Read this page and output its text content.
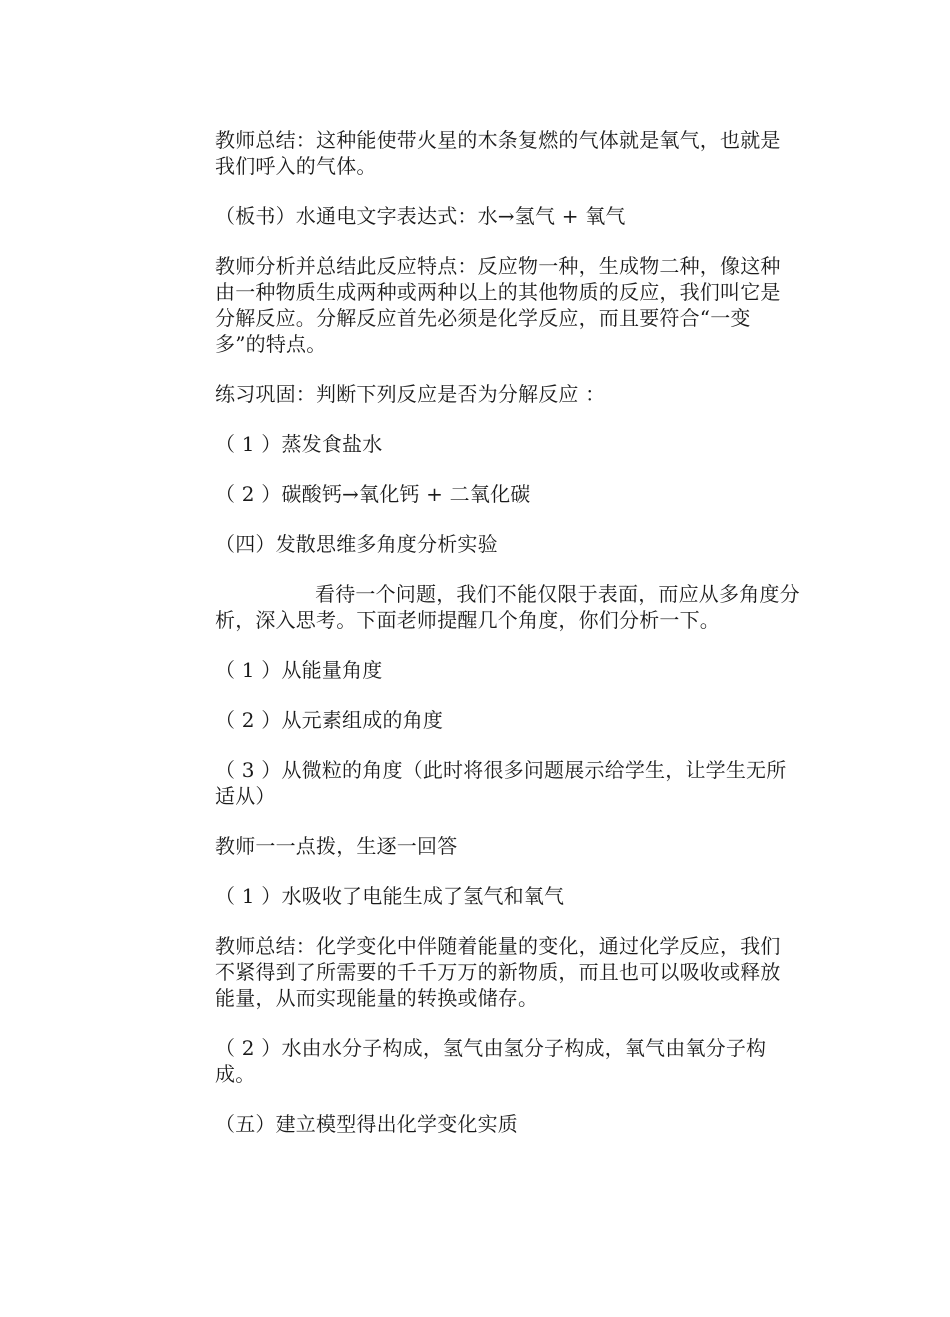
教师总结：这种能使带火星的木条复燃的气体就是氧气，也就是我们呼入的气体。

（板书）水通电文字表达式：水→氢气 + 氧气

教师分析并总结此反应特点：反应物一种，生成物二种，像这种由一种物质生成两种或两种以上的其他物质的反应，我们叫它是分解反应。分解反应首先必须是化学反应，而且要符合“一变多”的特点。

练习巩固：判断下列反应是否为分解反应 ：

（ 1 ）蒸发食盐水

（ 2 ）碳酸钙→氧化钙 + 二氧化碳

（四）发散思维多角度分析实验

看待一个问题，我们不能仅限于表面，而应从多角度分析，深入思考。下面老师提醒几个角度，你们分析一下。

（ 1 ）从能量角度

（ 2 ）从元素组成的角度

（ 3 ）从微粒的角度（此时将很多问题展示给学生，让学生无所适从）

教师一一点拨，生逐一回答

（ 1 ）水吸收了电能生成了氢气和氧气

教师总结：化学变化中伴随着能量的变化，通过化学反应，我们不紧得到了所需要的千千万万的新物质，而且也可以吸收或释放能量，从而实现能量的转换或储存。

（ 2 ）水由水分子构成，氢气由氢分子构成，氧气由氧分子构成。

（五）建立模型得出化学变化实质
